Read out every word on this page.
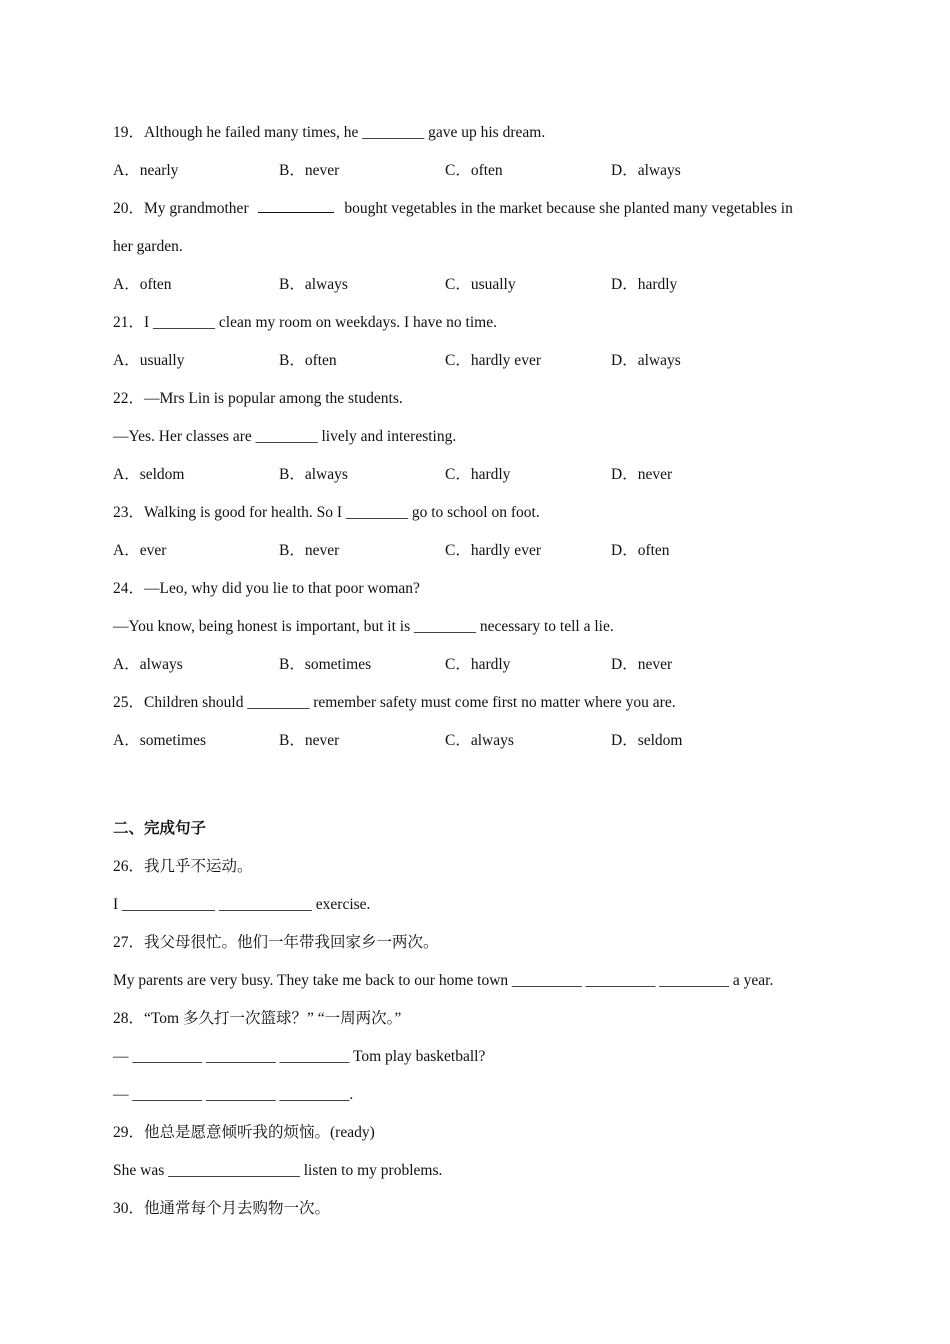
19．Although he failed many times, he ________ gave up his dream.
A．nearly	B．never	C．often	D．always
20．My grandmother	bought vegetables in the market because she planted many vegetables in
her garden.
A．often	B．always	C．usually	D．hardly
21．I ________ clean my room on weekdays. I have no time.
A．usually	B．often	C．hardly ever	D．always
22．—Mrs Lin is popular among the students.
—Yes. Her classes are ________ lively and interesting.
A．seldom	B．always	C．hardly	D．never
23．Walking is good for health. So I ________ go to school on foot.
A．ever	B．never	C．hardly ever	D．often
24．—Leo, why did you lie to that poor woman?
—You know, being honest is important, but it is ________ necessary to tell a lie.
A．always	B．sometimes	C．hardly	D．never
25．Children should ________ remember safety must come first no matter where you are.
A．sometimes	B．never	C．always	D．seldom
二、完成句子
26．我几乎不运动。
I ____________ ____________ exercise.
27．我父母很忙。他们一年带我回家乡一两次。
My parents are very busy. They take me back to our home town _________ _________ _________ a year.
28．“Tom 多久打一次篮球？” “一周两次。”
— _________ _________ _________ Tom play basketball?
— _________ _________ _________.
29．他总是愿意倾听我的烦恼。(ready)
She was _________________ listen to my problems.
30．他通常每个月去购物一次。
